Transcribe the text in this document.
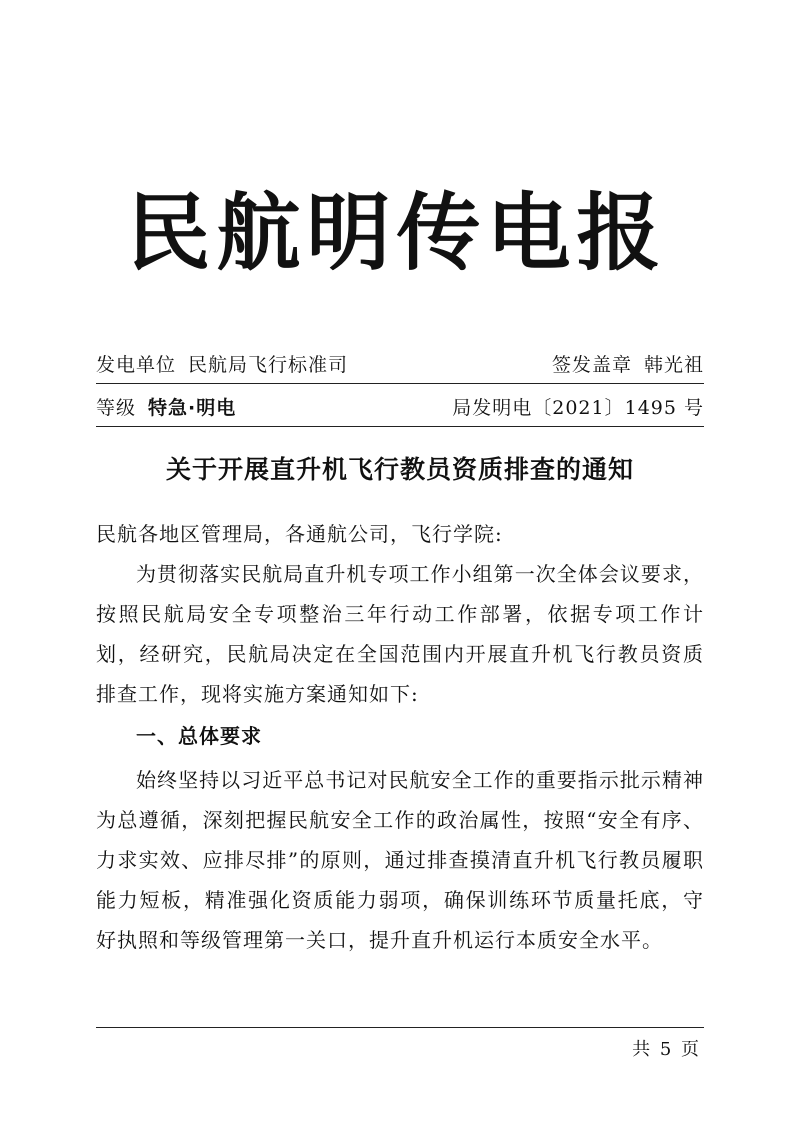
民航明传电报
发电单位 民航局飞行标准司	签发盖章 韩光祖
等级 特急·明电	局发明电〔2021〕1495 号
关于开展直升机飞行教员资质排查的通知

民航各地区管理局，各通航公司，飞行学院:

为贯彻落实民航局直升机专项工作小组第一次全体会议要求，按照民航局安全专项整治三年行动工作部署，依据专项工作计划，经研究，民航局决定在全国范围内开展直升机飞行教员资质排查工作，现将实施方案通知如下:

一、总体要求

始终坚持以习近平总书记对民航安全工作的重要指示批示精神为总遵循，深刻把握民航安全工作的政治属性，按照“安全有序、力求实效、应排尽排”的原则，通过排查摸清直升机飞行教员履职能力短板，精准强化资质能力弱项，确保训练环节质量托底，守好执照和等级管理第一关口，提升直升机运行本质安全水平。

共 5 页
